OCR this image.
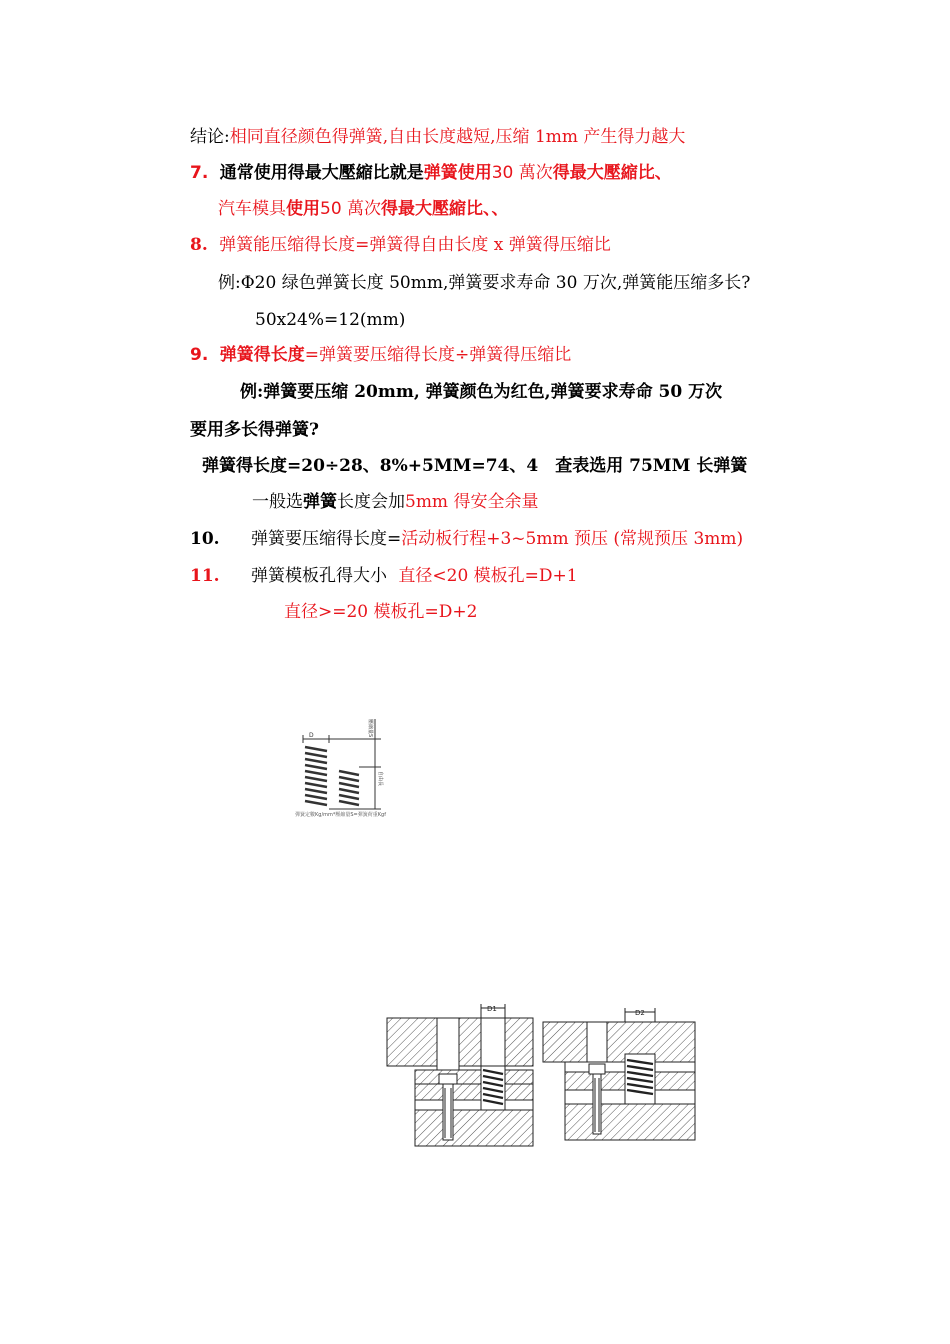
结论:相同直径颜色得弹簧,自由长度越短,压缩 1mm 产生得力越大
7. 通常使用得最大壓縮比就是弹簧使用30 萬次得最大壓縮比、
汽车模具使用50 萬次得最大壓縮比、、
8. 弹簧能压缩得长度=弹簧得自由长度 x 弹簧得压缩比
例:Φ20 绿色弹簧长度 50mm,弹簧要求寿命 30 万次,弹簧能压缩多长?
50x24%=12(mm)
9. 弹簧得长度=弹簧要压缩得长度÷弹簧得压缩比
例:弹簧要压缩 20mm, 弹簧颜色为红色,弹簧要求寿命 50 万次
要用多长得弹簧?
弹簧得长度=20÷28、8%+5MM=74、4　查表选用 75MM 长弹簧
一般选弹簧长度会加5mm 得安全余量
10. 弹簧要压缩得长度=活动板行程+3~5mm 预压 (常规预压 3mm)
11. 弹簧模板孔得大小 直径<20 模板孔=D+1
直径>=20 模板孔=D+2
D	壓縮量S
自由長
彈簧定數Kg/mm*壓縮量S=彈簧荷重Kgf
D1	D2
